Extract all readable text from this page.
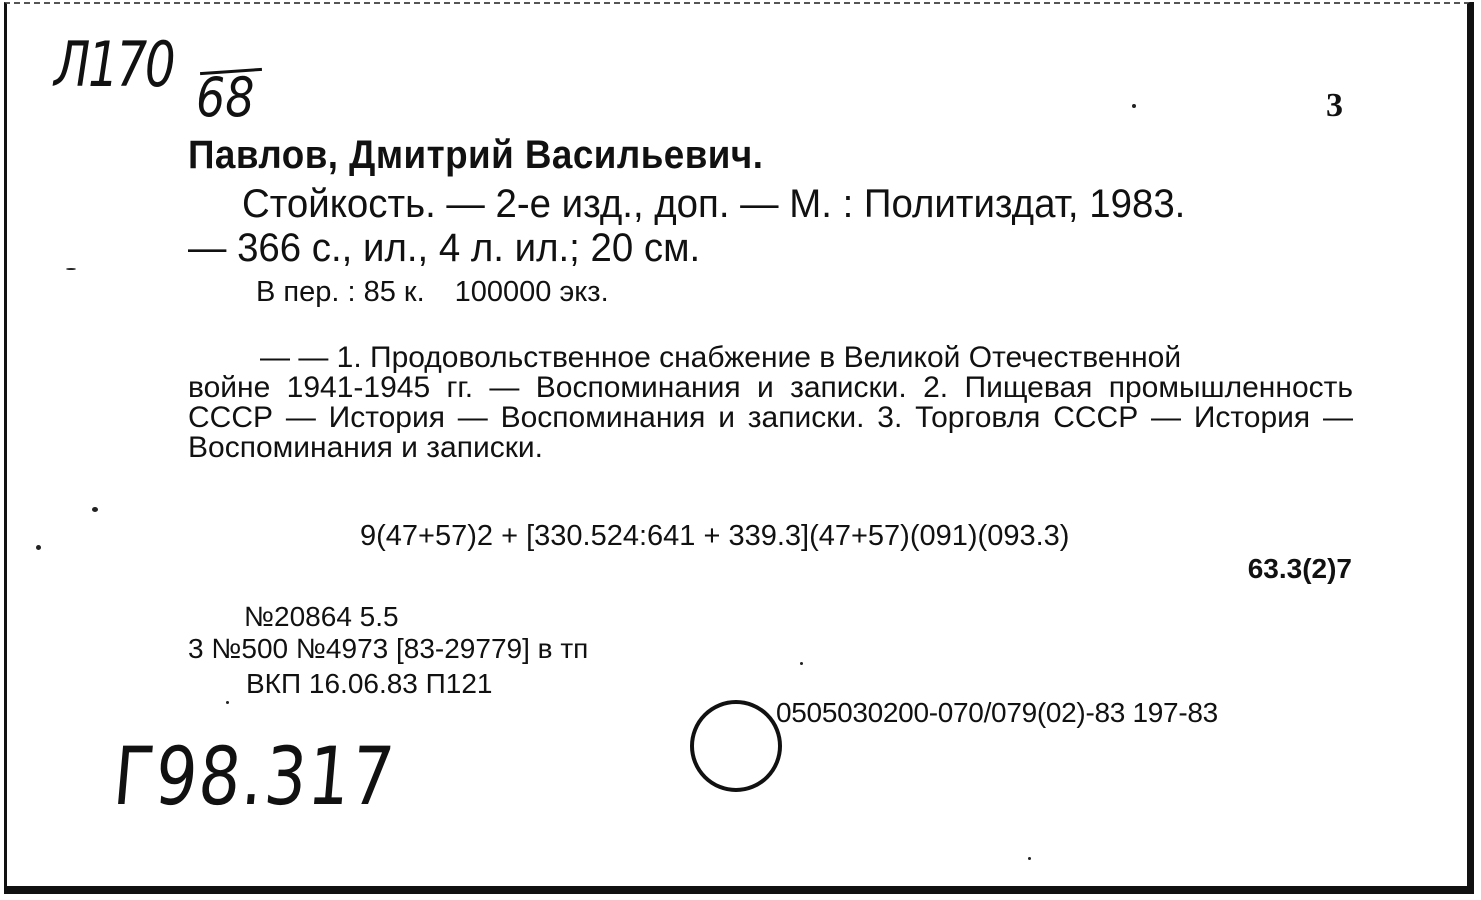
Л170 68	3
Павлов, Дмитрий Васильевич.
Стойкость. — 2-е изд., доп. — М. : Политиздат, 1983.
— 366 с., ил., 4 л. ил.; 20 см.
В пер. : 85 к. 100000 экз.
— — 1. Продовольственное снабжение в Великой Отечественной
войне 1941-1945 гг. — Воспоминания и записки. 2. Пищевая промышленность СССР — История — Воспоминания и записки. 3. Торговля СССР — История — Воспоминания и записки.
9(47+57)2 + [330.524:641 + 339.3](47+57)(091)(093.3)
63.3(2)7
№20864 5.5
3 №500 №4973 [83-29779] в тп
ВКП 16.06.83 П121
0505030200-070/079(02)-83 197-83
Г98.317
